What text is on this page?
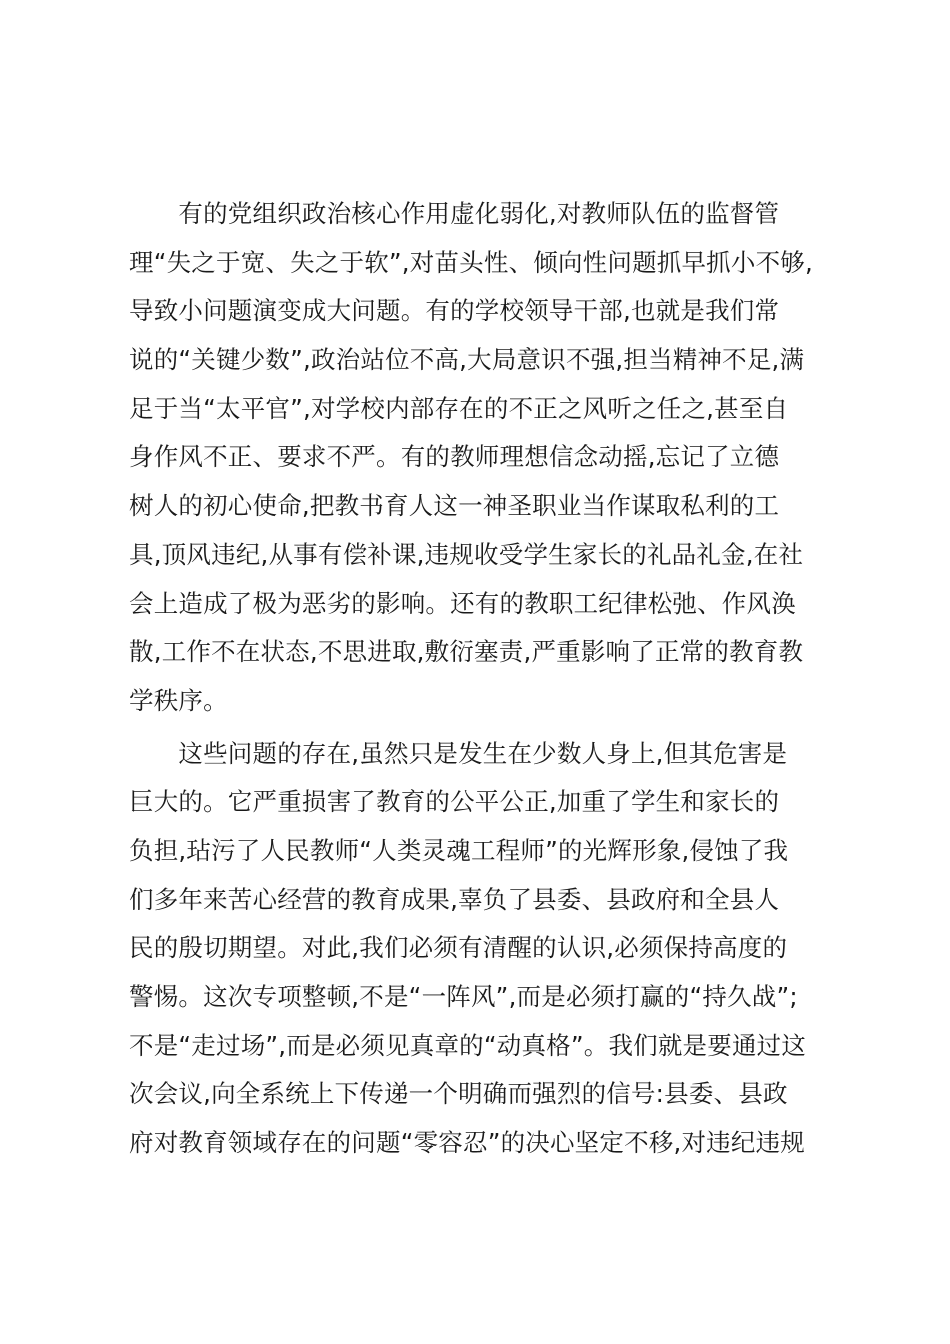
　　有的党组织政治核心作用虚化弱化,对教师队伍的监督管
理“失之于宽、失之于软”,对苗头性、倾向性问题抓早抓小不够,
导致小问题演变成大问题。有的学校领导干部,也就是我们常
说的“关键少数”,政治站位不高,大局意识不强,担当精神不足,满
足于当“太平官”,对学校内部存在的不正之风听之任之,甚至自
身作风不正、要求不严。有的教师理想信念动摇,忘记了立德
树人的初心使命,把教书育人这一神圣职业当作谋取私利的工
具,顶风违纪,从事有偿补课,违规收受学生家长的礼品礼金,在社
会上造成了极为恶劣的影响。还有的教职工纪律松弛、作风涣
散,工作不在状态,不思进取,敷衍塞责,严重影响了正常的教育教
学秩序。
　　这些问题的存在,虽然只是发生在少数人身上,但其危害是
巨大的。它严重损害了教育的公平公正,加重了学生和家长的
负担,玷污了人民教师“人类灵魂工程师”的光辉形象,侵蚀了我
们多年来苦心经营的教育成果,辜负了县委、县政府和全县人
民的殷切期望。对此,我们必须有清醒的认识,必须保持高度的
警惕。这次专项整顿,不是“一阵风”,而是必须打赢的“持久战”;
不是“走过场”,而是必须见真章的“动真格”。我们就是要通过这
次会议,向全系统上下传递一个明确而强烈的信号:县委、县政
府对教育领域存在的问题“零容忍”的决心坚定不移,对违纪违规
